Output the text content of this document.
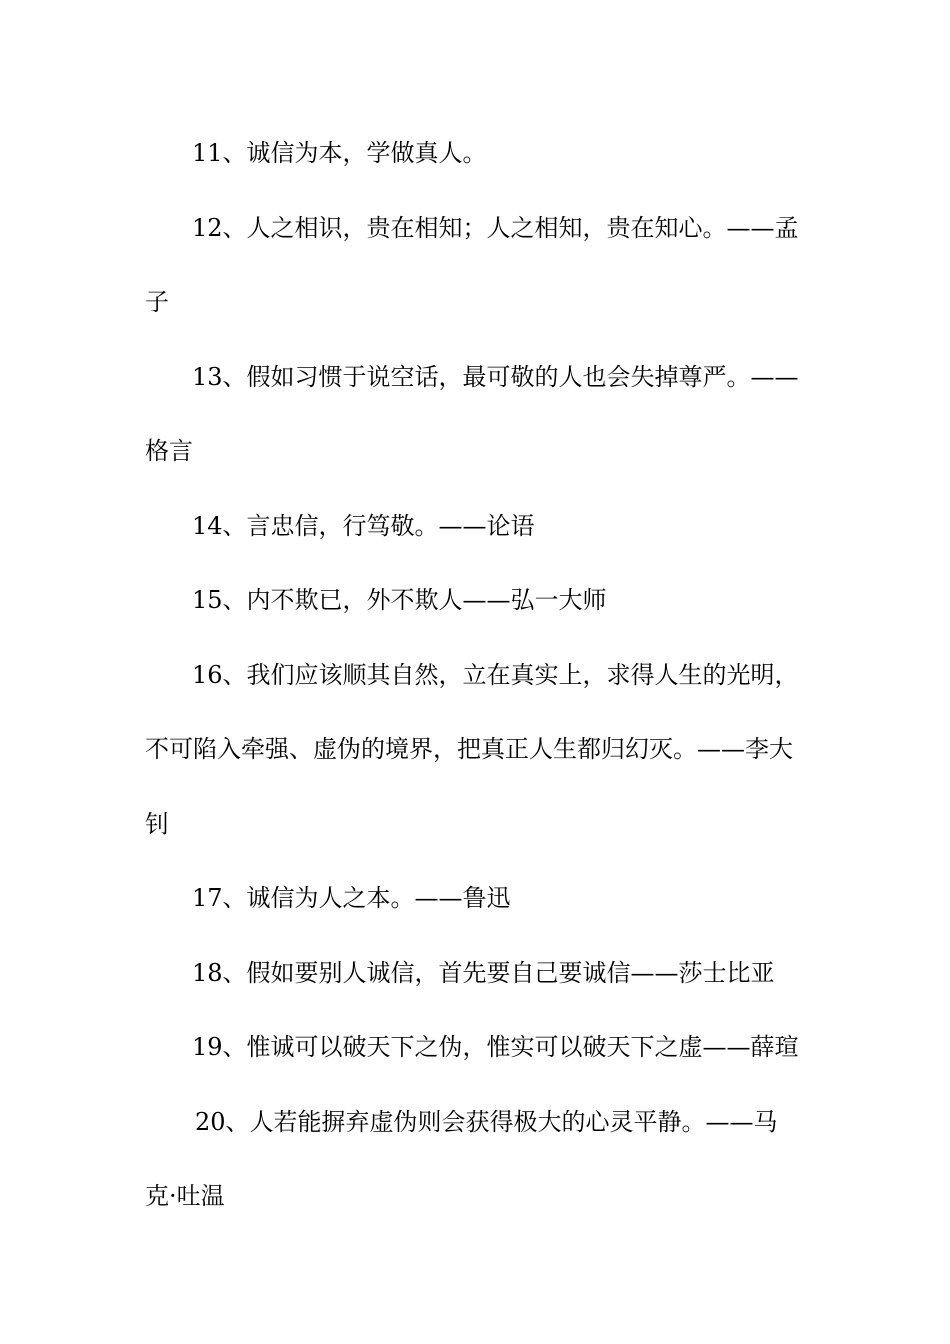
11、诚信为本，学做真人。
12、人之相识，贵在相知；人之相知，贵在知心。——孟
子
13、假如习惯于说空话，最可敬的人也会失掉尊严。——
格言
14、言忠信，行笃敬。——论语
15、内不欺已，外不欺人——弘一大师
16、我们应该顺其自然，立在真实上，求得人生的光明，
不可陷入牵强、虚伪的境界，把真正人生都归幻灭。——李大
钊
17、诚信为人之本。——鲁迅
18、假如要别人诚信，首先要自己要诚信——莎士比亚
19、惟诚可以破天下之伪，惟实可以破天下之虚——薛瑄
20、人若能摒弃虚伪则会获得极大的心灵平静。——马
克·吐温
